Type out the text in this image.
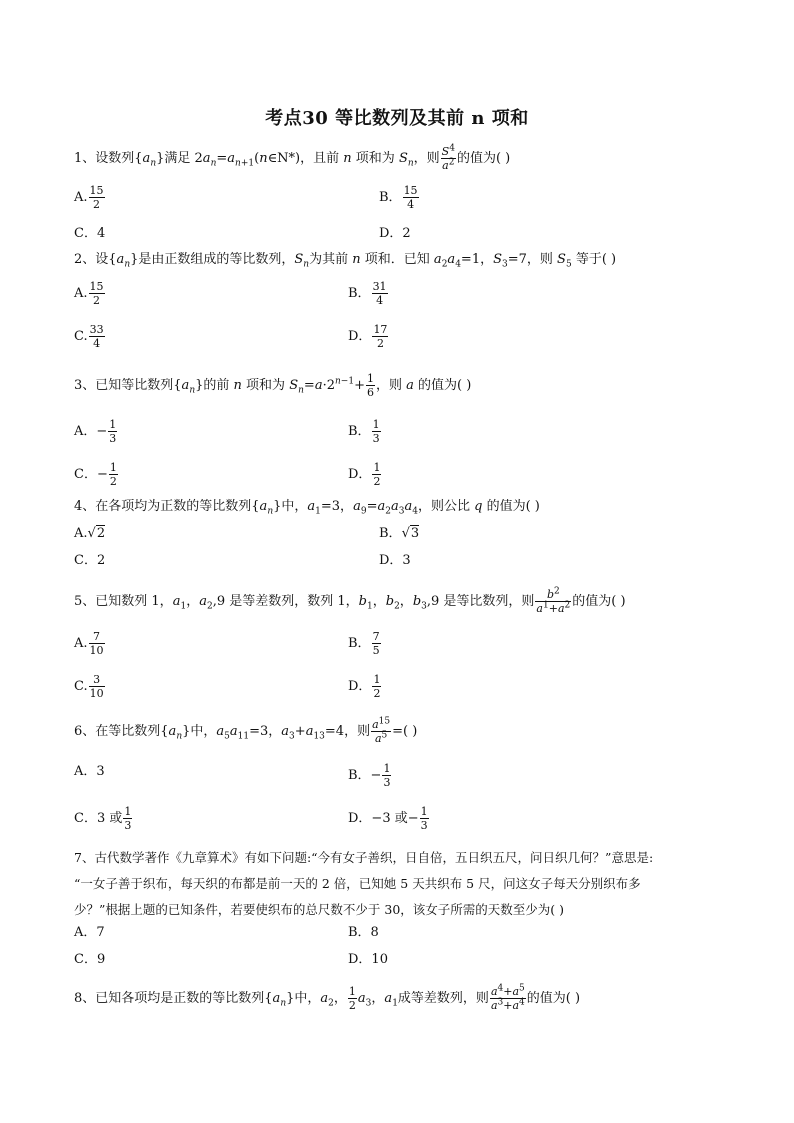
考点30 等比数列及其前 n 项和
1、设数列$\{a_n\}$满足 $2a_n=a_{n+1}(n\in N*)$，且前 n 项和为 $S_n$，则 $\frac{S^4}{a^2}$ 的值为( )
A. $\frac{15}{2}$	B． $\frac{15}{4}$
C．4	D．2
2、设$\{a_n\}$是由正数组成的等比数列，$S_n$为其前 n 项和．已知 $a_2a_4=1$，$S_3=7$，则 $S_5$ 等于( )
A. $\frac{15}{2}$	B． $\frac{31}{4}$
C. $\frac{33}{4}$	D． $\frac{17}{2}$
3、已知等比数列$\{a_n\}$的前 n 项和为 $S_n=a\cdot 2^{n-1}+ \frac{1}{6}$ ，则 a 的值为( )
A．− $\frac{1}{3}$	B． $\frac{1}{3}$
C．− $\frac{1}{2}$	D． $\frac{1}{2}$
4、在各项均为正数的等比数列$\{a_n\}$中，$a_1=3$，$a_9=a_2a_3a_4$，则公比 q 的值为( )
A.√2	B．√3
C．2	D．3
5、已知数列 1，$a_1$，$a_2,9$ 是等差数列，数列 1，$b_1$，$b_2$，$b_3,9$ 是等比数列，则 $\frac{b^2}{a^1+a^2}$ 的值为( )
A. $\frac{7}{10}$	B． $\frac{7}{5}$
C. $\frac{3}{10}$	D． $\frac{1}{2}$
6、在等比数列$\{a_n\}$中，$a_5a_{11}=3$，$a_3+a_{13}=4$，则 $\frac{a^{15}}{a^5}$ =( )
A．3	B．− $\frac{1}{3}$
C．3 或 $\frac{1}{3}$	D．−3 或− $\frac{1}{3}$
7、古代数学著作《九章算术》有如下问题:“今有女子善织，日自倍，五日织五尺，问日织几何？”意思是:
“一女子善于织布，每天织的布都是前一天的 2 倍，已知她 5 天共织布 5 尺，问这女子每天分别织布多
少？”根据上题的已知条件，若要使织布的总尺数不少于 30，该女子所需的天数至少为( )
A．7	B．8
C．9	D．10
8、已知各项均是正数的等比数列$\{a_n\}$中，$a_2$， $\frac{1}{2} a_3$，$a_1$成等差数列，则 $\frac{a^4+a^5}{a^3+a^4}$ 的值为( )
